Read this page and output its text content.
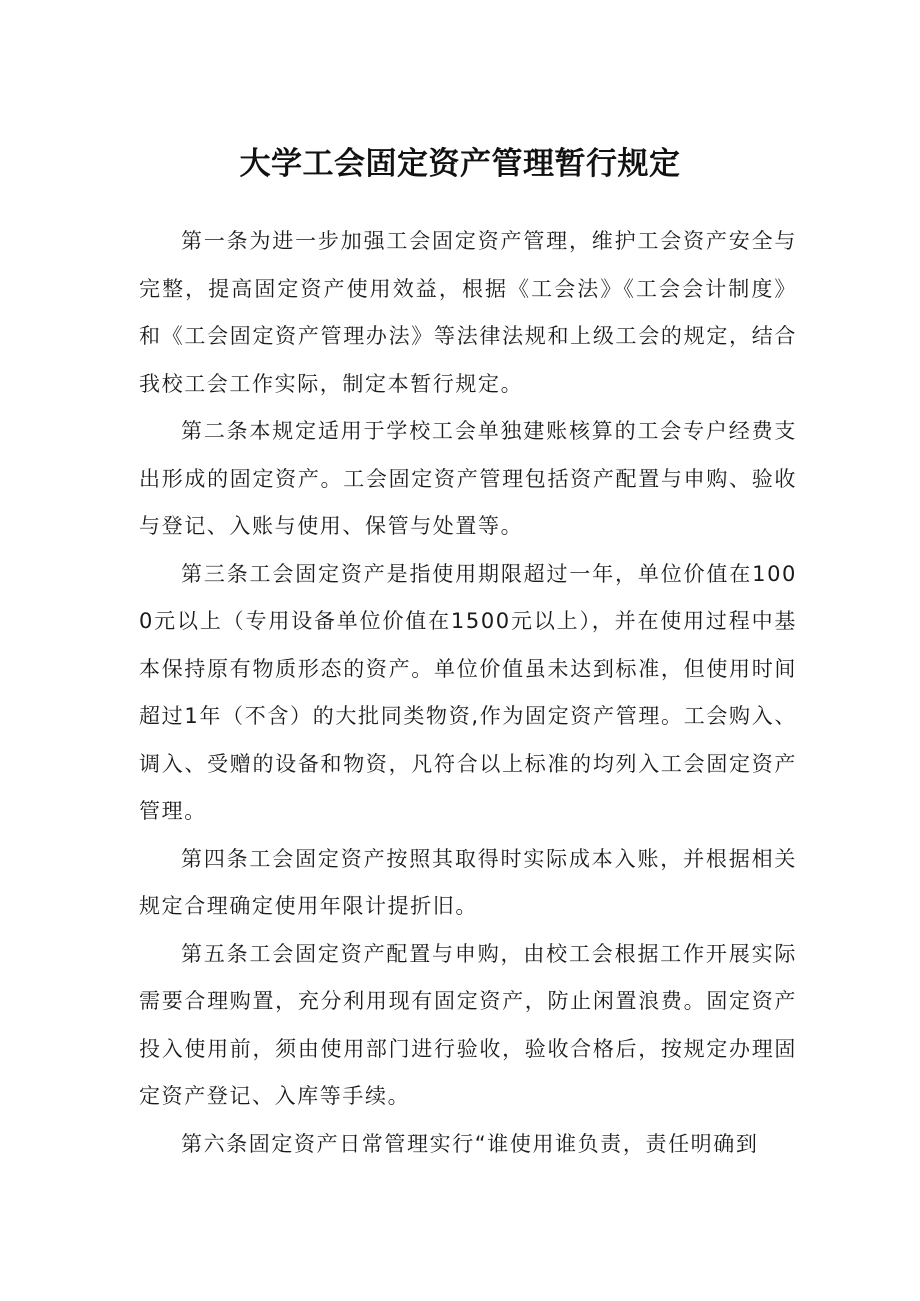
大学工会固定资产管理暂行规定

第一条为进一步加强工会固定资产管理，维护工会资产安全与完整，提高固定资产使用效益，根据《工会法》《工会会计制度》和《工会固定资产管理办法》等法律法规和上级工会的规定，结合我校工会工作实际，制定本暂行规定。

第二条本规定适用于学校工会单独建账核算的工会专户经费支出形成的固定资产。工会固定资产管理包括资产配置与申购、验收与登记、入账与使用、保管与处置等。

第三条工会固定资产是指使用期限超过一年，单位价值在1000元以上（专用设备单位价值在1500元以上），并在使用过程中基本保持原有物质形态的资产。单位价值虽未达到标准，但使用时间超过1年（不含）的大批同类物资,作为固定资产管理。工会购入、调入、受赠的设备和物资，凡符合以上标准的均列入工会固定资产管理。

第四条工会固定资产按照其取得时实际成本入账，并根据相关规定合理确定使用年限计提折旧。

第五条工会固定资产配置与申购，由校工会根据工作开展实际需要合理购置，充分利用现有固定资产，防止闲置浪费。固定资产投入使用前，须由使用部门进行验收，验收合格后，按规定办理固定资产登记、入库等手续。

第六条固定资产日常管理实行“谁使用谁负责，责任明确到
